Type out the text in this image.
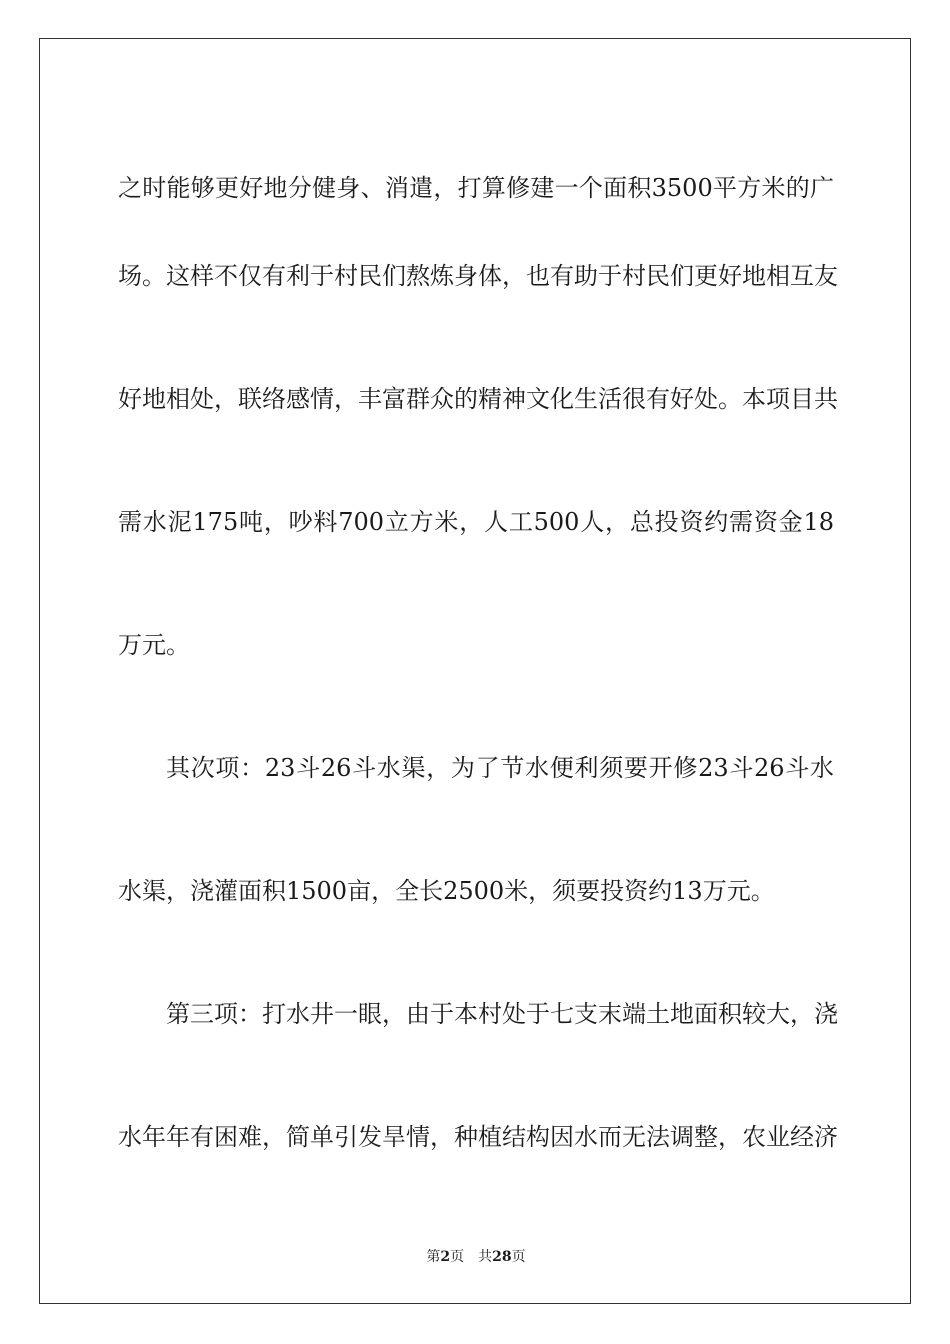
之时能够更好地分健身、消遣，打算修建一个面积3500平方米的广
场。这样不仅有利于村民们熬炼身体，也有助于村民们更好地相互友
好地相处，联络感情，丰富群众的精神文化生活很有好处。本项目共
需水泥175吨，吵料700立方米，人工500人，总投资约需资金18
万元。
其次项：23斗26斗水渠，为了节水便利须要开修23斗26斗水
水渠，浇灌面积1500亩，全长2500米，须要投资约13万元。
第三项：打水井一眼，由于本村处于七支末端土地面积较大，浇
水年年有困难，简单引发旱情，种植结构因水而无法调整，农业经济
第2页 共28页
